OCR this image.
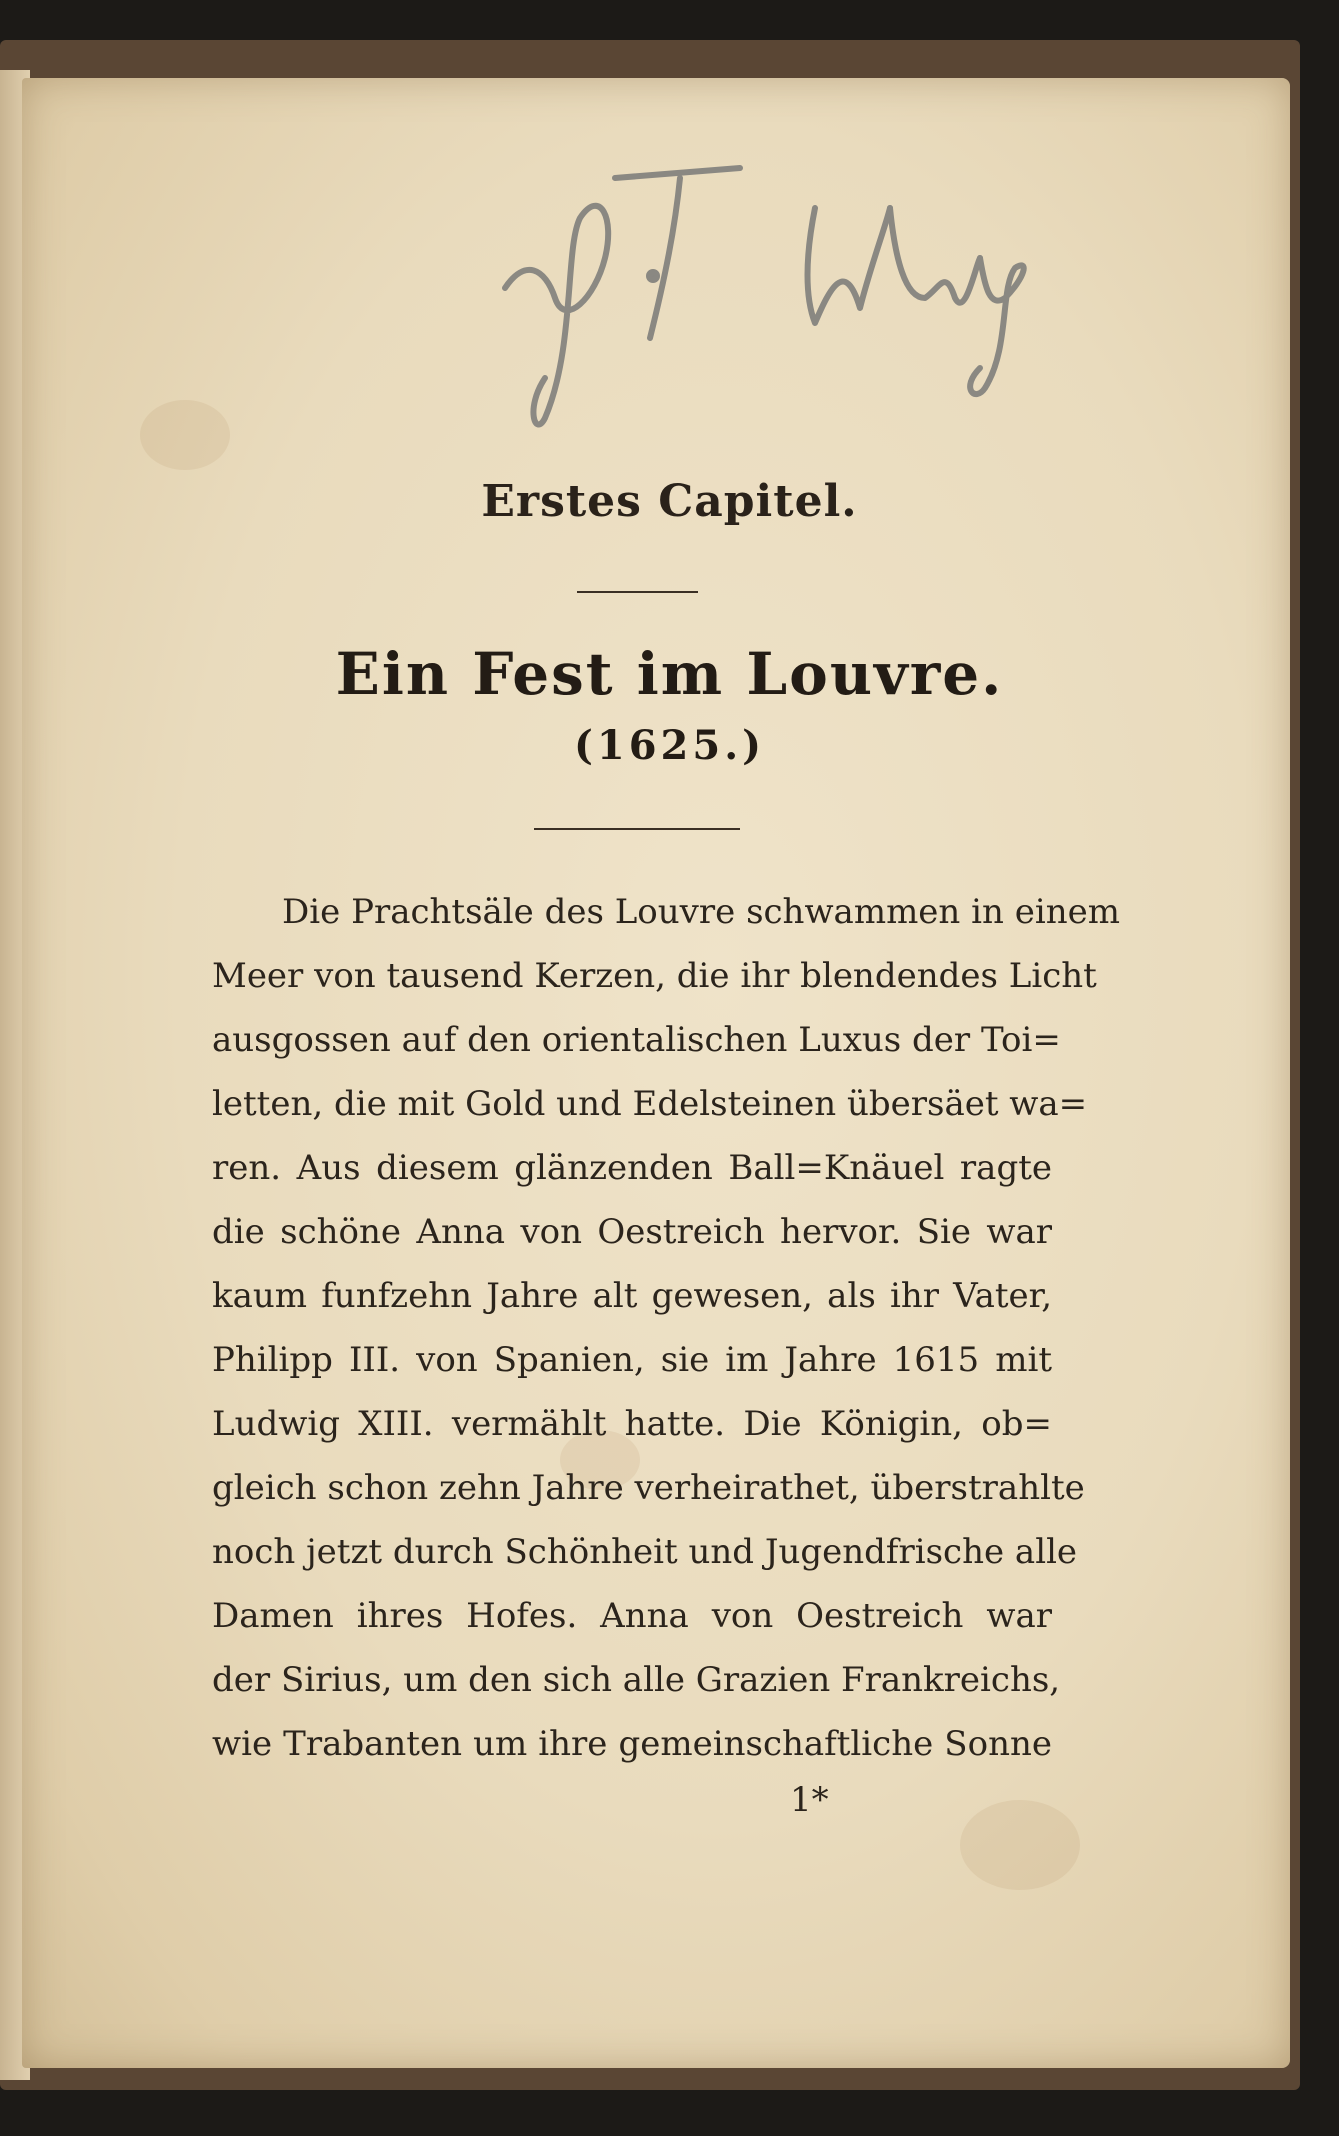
Erstes Capitel.
Ein Fest im Louvre.
(1625.)
Die Prachtsäle des Louvre schwammen in einem
Meer von tausend Kerzen, die ihr blendendes Licht
ausgossen auf den orientalischen Luxus der Toi=
letten, die mit Gold und Edelsteinen übersäet wa=
ren. Aus diesem glänzenden Ball=Knäuel ragte
die schöne Anna von Oestreich hervor. Sie war
kaum funfzehn Jahre alt gewesen, als ihr Vater,
Philipp III. von Spanien, sie im Jahre 1615 mit
Ludwig XIII. vermählt hatte. Die Königin, ob=
gleich schon zehn Jahre verheirathet, überstrahlte
noch jetzt durch Schönheit und Jugendfrische alle
Damen ihres Hofes. Anna von Oestreich war
der Sirius, um den sich alle Grazien Frankreichs,
wie Trabanten um ihre gemeinschaftliche Sonne
1*
